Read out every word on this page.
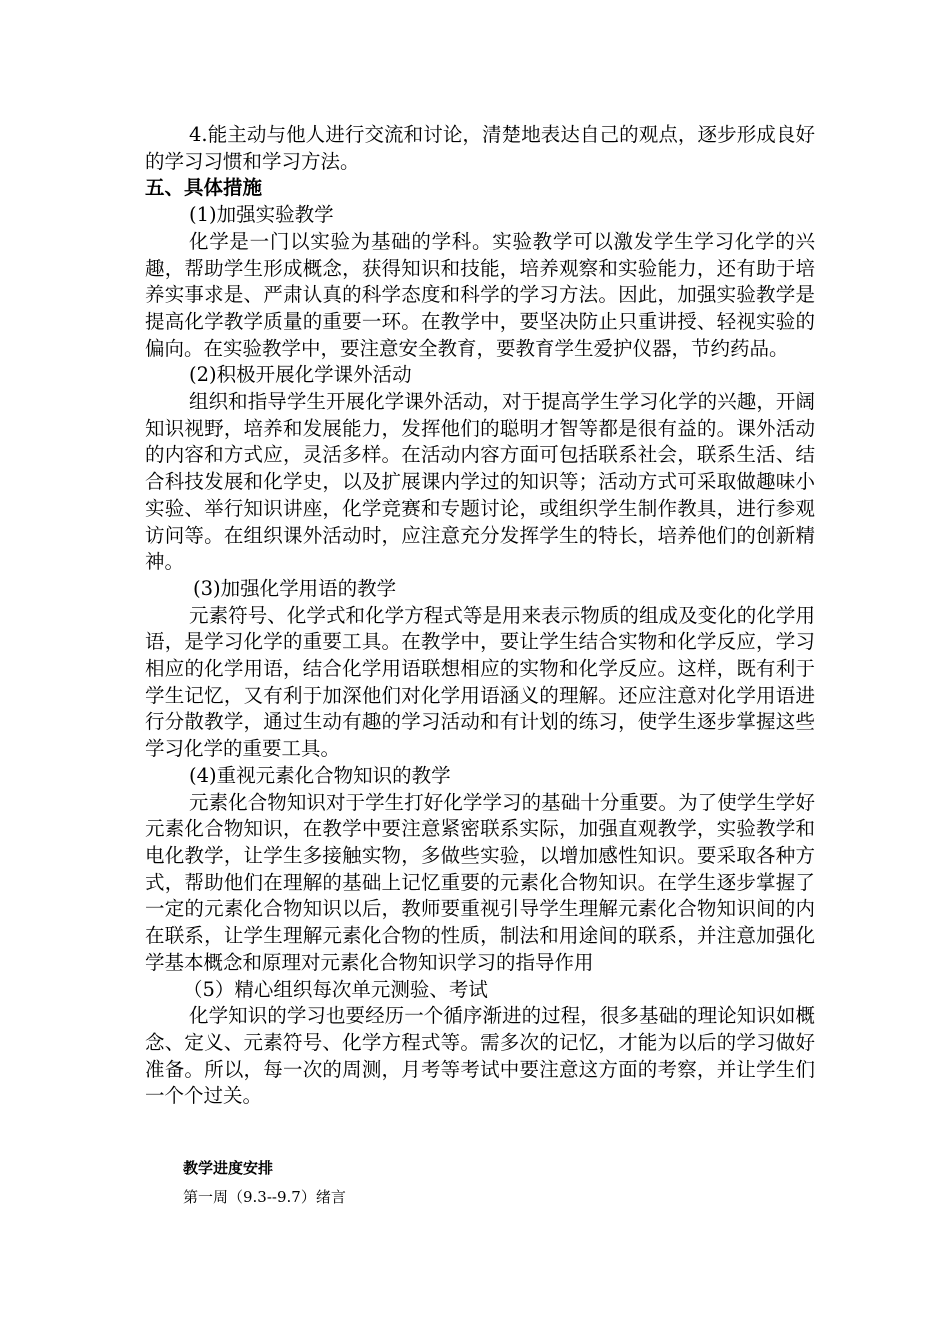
4.能主动与他人进行交流和讨论，清楚地表达自己的观点，逐步形成良好的学习习惯和学习方法。

五、具体措施

(1)加强实验教学

化学是一门以实验为基础的学科。实验教学可以激发学生学习化学的兴趣，帮助学生形成概念，获得知识和技能，培养观察和实验能力，还有助于培养实事求是、严肃认真的科学态度和科学的学习方法。因此，加强实验教学是提高化学教学质量的重要一环。在教学中，要坚决防止只重讲授、轻视实验的偏向。在实验教学中，要注意安全教育，要教育学生爱护仪器，节约药品。

(2)积极开展化学课外活动

组织和指导学生开展化学课外活动，对于提高学生学习化学的兴趣，开阔知识视野，培养和发展能力，发挥他们的聪明才智等都是很有益的。课外活动的内容和方式应，灵活多样。在活动内容方面可包括联系社会，联系生活、结合科技发展和化学史，以及扩展课内学过的知识等；活动方式可采取做趣味小实验、举行知识讲座，化学竞赛和专题讨论，或组织学生制作教具，进行参观访问等。在组织课外活动时，应注意充分发挥学生的特长，培养他们的创新精神。

(3)加强化学用语的教学

元素符号、化学式和化学方程式等是用来表示物质的组成及变化的化学用语，是学习化学的重要工具。在教学中，要让学生结合实物和化学反应，学习相应的化学用语，结合化学用语联想相应的实物和化学反应。这样，既有利于学生记忆，又有利于加深他们对化学用语涵义的理解。还应注意对化学用语进行分散教学，通过生动有趣的学习活动和有计划的练习，使学生逐步掌握这些学习化学的重要工具。

(4)重视元素化合物知识的教学

元素化合物知识对于学生打好化学学习的基础十分重要。为了使学生学好元素化合物知识，在教学中要注意紧密联系实际，加强直观教学，实验教学和电化教学，让学生多接触实物，多做些实验，以增加感性知识。要采取各种方式，帮助他们在理解的基础上记忆重要的元素化合物知识。在学生逐步掌握了一定的元素化合物知识以后，教师要重视引导学生理解元素化合物知识间的内在联系，让学生理解元素化合物的性质，制法和用途间的联系，并注意加强化学基本概念和原理对元素化合物知识学习的指导作用

（5）精心组织每次单元测验、考试

化学知识的学习也要经历一个循序渐进的过程，很多基础的理论知识如概念、定义、元素符号、化学方程式等。需多次的记忆，才能为以后的学习做好准备。所以，每一次的周测，月考等考试中要注意这方面的考察，并让学生们一个个过关。

教学进度安排

第一周（9.3--9.7）绪言
